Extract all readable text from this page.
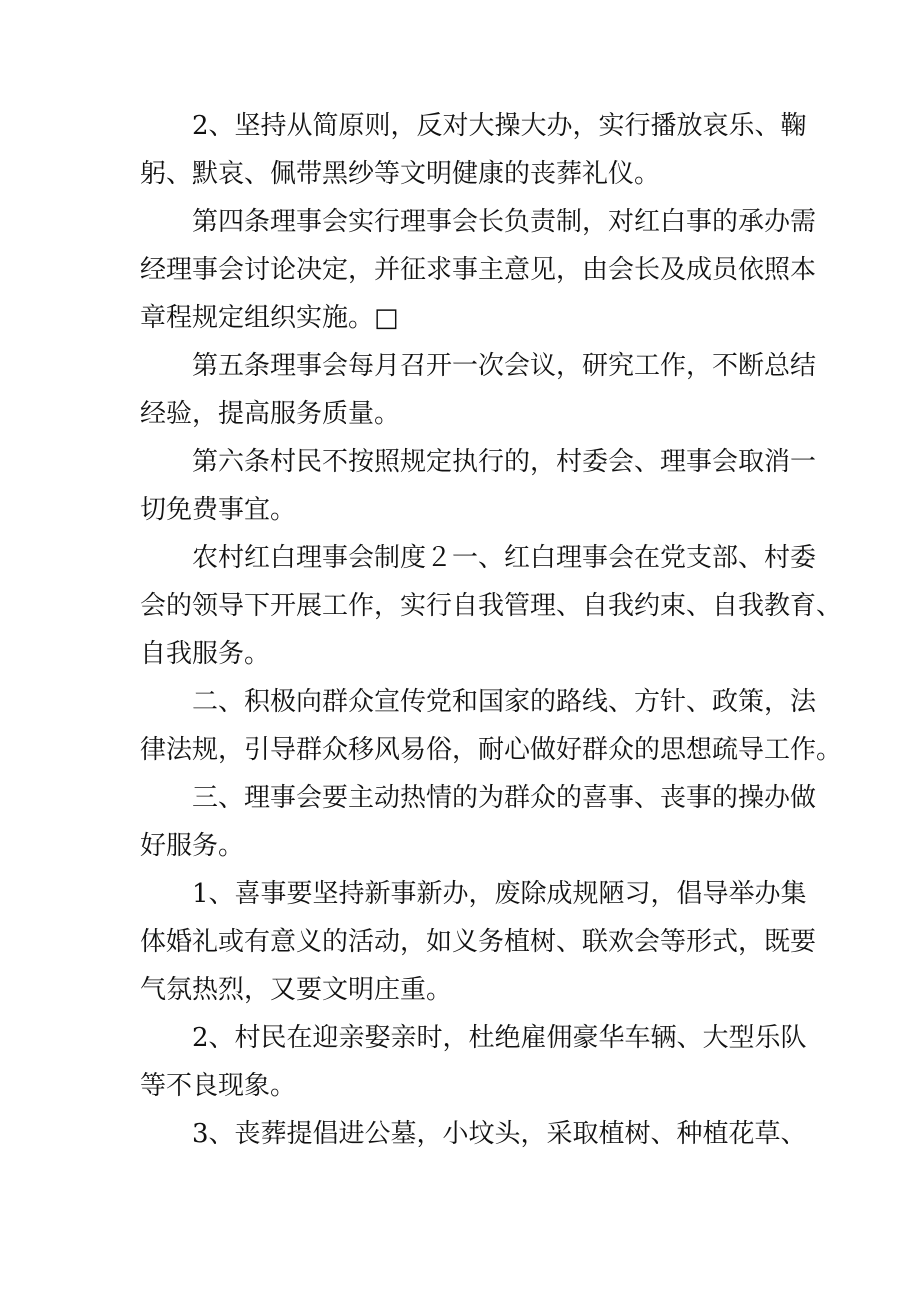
2、坚持从简原则，反对大操大办，实行播放哀乐、鞠
躬、默哀、佩带黑纱等文明健康的丧葬礼仪。
第四条理事会实行理事会长负责制，对红白事的承办需
经理事会讨论决定，并征求事主意见，由会长及成员依照本
章程规定组织实施。□
第五条理事会每月召开一次会议，研究工作，不断总结
经验，提高服务质量。
第六条村民不按照规定执行的，村委会、理事会取消一
切免费事宜。
农村红白理事会制度２一、红白理事会在党支部、村委
会的领导下开展工作，实行自我管理、自我约束、自我教育、
自我服务。
二、积极向群众宣传党和国家的路线、方针、政策，法
律法规，引导群众移风易俗，耐心做好群众的思想疏导工作。
三、理事会要主动热情的为群众的喜事、丧事的操办做
好服务。
1、喜事要坚持新事新办，废除成规陋习，倡导举办集
体婚礼或有意义的活动，如义务植树、联欢会等形式，既要
气氛热烈，又要文明庄重。
2、村民在迎亲娶亲时，杜绝雇佣豪华车辆、大型乐队
等不良现象。
3、丧葬提倡进公墓，小坟头，采取植树、种植花草、
